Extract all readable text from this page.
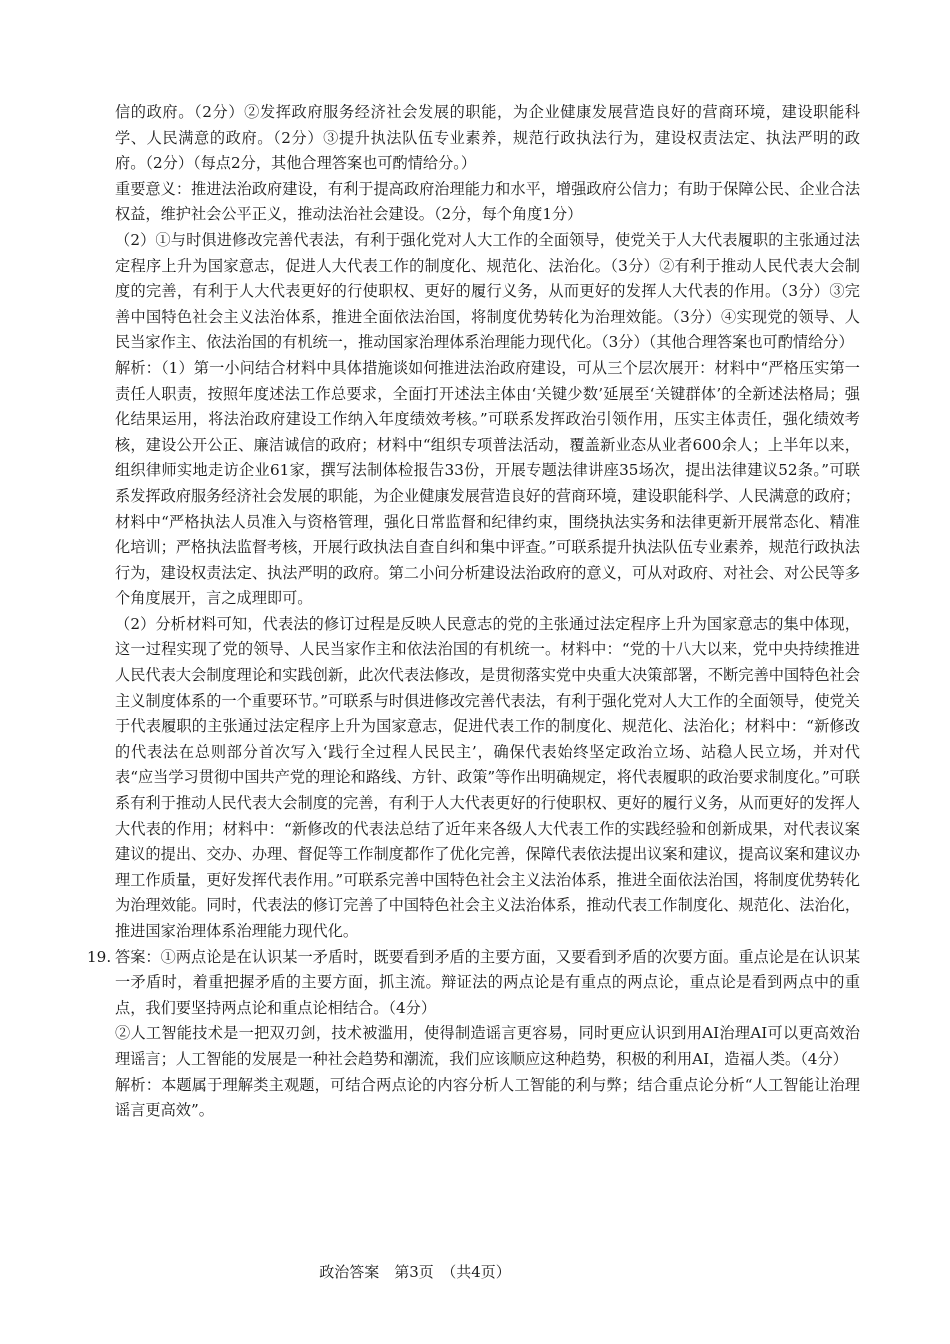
信的政府。（2分）②发挥政府服务经济社会发展的职能，为企业健康发展营造良好的营商环境，建设职能科学、人民满意的政府。（2分）③提升执法队伍专业素养，规范行政执法行为，建设权责法定、执法严明的政府。（2分）（每点2分，其他合理答案也可酌情给分。）

重要意义：推进法治政府建设，有利于提高政府治理能力和水平，增强政府公信力；有助于保障公民、企业合法权益，维护社会公平正义，推动法治社会建设。（2分，每个角度1分）

（2）①与时俱进修改完善代表法，有利于强化党对人大工作的全面领导，使党关于人大代表履职的主张通过法定程序上升为国家意志，促进人大代表工作的制度化、规范化、法治化。（3分）②有利于推动人民代表大会制度的完善，有利于人大代表更好的行使职权、更好的履行义务，从而更好的发挥人大代表的作用。（3分）③完善中国特色社会主义法治体系，推进全面依法治国，将制度优势转化为治理效能。（3分）④实现党的领导、人民当家作主、依法治国的有机统一，推动国家治理体系治理能力现代化。（3分）（其他合理答案也可酌情给分）

解析：（1）第一小问结合材料中具体措施谈如何推进法治政府建设，可从三个层次展开：材料中“严格压实第一责任人职责，按照年度述法工作总要求，全面打开述法主体由‘关键少数’延展至‘关键群体’的全新述法格局；强化结果运用，将法治政府建设工作纳入年度绩效考核。”可联系发挥政治引领作用，压实主体责任，强化绩效考核，建设公开公正、廉洁诚信的政府；材料中“组织专项普法活动，覆盖新业态从业者600余人；上半年以来，组织律师实地走访企业61家，撰写法制体检报告33份，开展专题法律讲座35场次，提出法律建议52条。”可联系发挥政府服务经济社会发展的职能，为企业健康发展营造良好的营商环境，建设职能科学、人民满意的政府；材料中“严格执法人员准入与资格管理，强化日常监督和纪律约束，围绕执法实务和法律更新开展常态化、精准化培训；严格执法监督考核，开展行政执法自查自纠和集中评查。”可联系提升执法队伍专业素养，规范行政执法行为，建设权责法定、执法严明的政府。第二小问分析建设法治政府的意义，可从对政府、对社会、对公民等多个角度展开，言之成理即可。

（2）分析材料可知，代表法的修订过程是反映人民意志的党的主张通过法定程序上升为国家意志的集中体现，这一过程实现了党的领导、人民当家作主和依法治国的有机统一。材料中：“党的十八大以来，党中央持续推进人民代表大会制度理论和实践创新，此次代表法修改，是贯彻落实党中央重大决策部署，不断完善中国特色社会主义制度体系的一个重要环节。”可联系与时俱进修改完善代表法，有利于强化党对人大工作的全面领导，使党关于代表履职的主张通过法定程序上升为国家意志，促进代表工作的制度化、规范化、法治化；材料中：“新修改的代表法在总则部分首次写入‘践行全过程人民民主’，确保代表始终坚定政治立场、站稳人民立场，并对代表“应当学习贯彻中国共产党的理论和路线、方针、政策”等作出明确规定，将代表履职的政治要求制度化。”可联系有利于推动人民代表大会制度的完善，有利于人大代表更好的行使职权、更好的履行义务，从而更好的发挥人大代表的作用；材料中：“新修改的代表法总结了近年来各级人大代表工作的实践经验和创新成果，对代表议案建议的提出、交办、办理、督促等工作制度都作了优化完善，保障代表依法提出议案和建议，提高议案和建议办理工作质量，更好发挥代表作用。”可联系完善中国特色社会主义法治体系，推进全面依法治国，将制度优势转化为治理效能。同时，代表法的修订完善了中国特色社会主义法治体系，推动代表工作制度化、规范化、法治化，推进国家治理体系治理能力现代化。

19. 答案：①两点论是在认识某一矛盾时，既要看到矛盾的主要方面，又要看到矛盾的次要方面。重点论是在认识某一矛盾时，着重把握矛盾的主要方面，抓主流。辩证法的两点论是有重点的两点论，重点论是看到两点中的重点，我们要坚持两点论和重点论相结合。（4分）

②人工智能技术是一把双刃剑，技术被滥用，使得制造谣言更容易，同时更应认识到用AI治理AI可以更高效治理谣言；人工智能的发展是一种社会趋势和潮流，我们应该顺应这种趋势，积极的利用AI，造福人类。（4分）

解析：本题属于理解类主观题，可结合两点论的内容分析人工智能的利与弊；结合重点论分析“人工智能让治理谣言更高效”。

政治答案　第3页　（共4页）
